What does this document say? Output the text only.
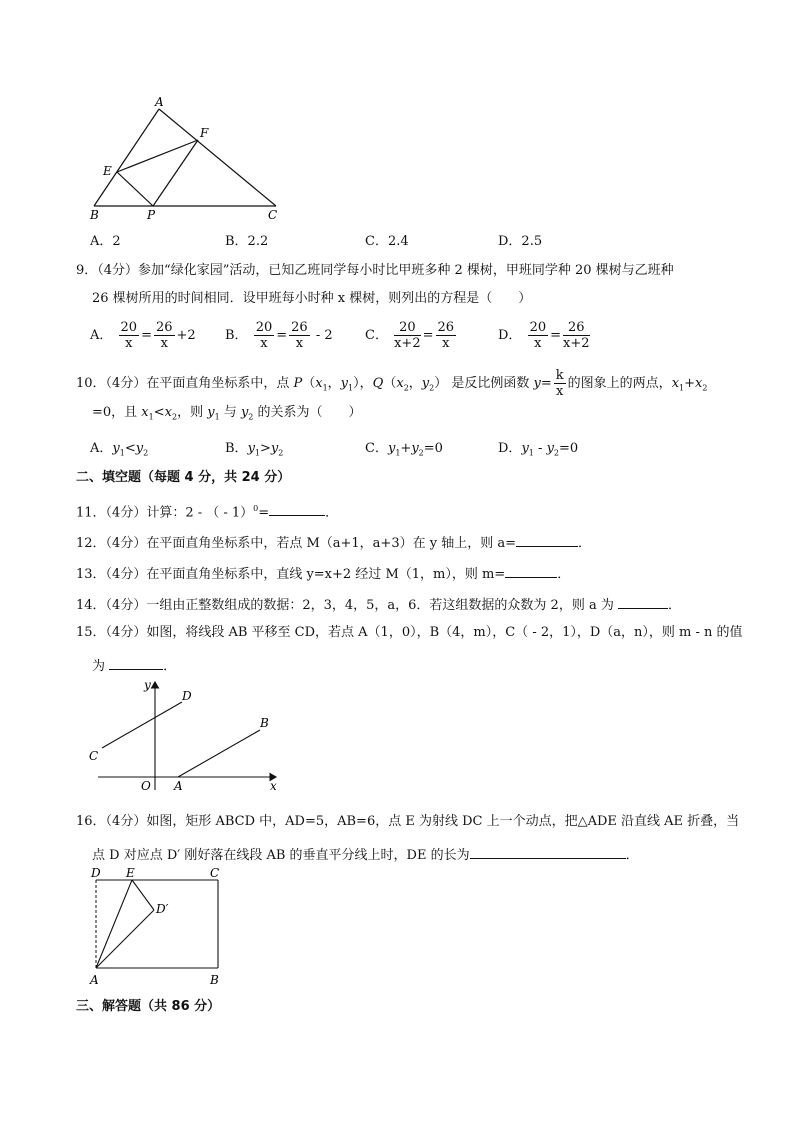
A
F
E
B	P	C
A．2	B．2.2	C．2.4	D．2.5
9．（4分）参加“绿化家园”活动，已知乙班同学每小时比甲班多种 2 棵树，甲班同学种 20 棵树与乙班种
26 棵树所用的时间相同．设甲班每小时种 x 棵树，则列出的方程是（　　）
A． $\frac{20}{x} = \frac{26}{x} +2$ B． $\frac{20}{x} = \frac{26}{x} - 2$ C． $\frac{20}{x+2} = \frac{26}{x}$	D． $\frac{20}{x} = \frac{26}{x+2}$
10．（4分）在平面直角坐标系中，点 $P(x_1$，$y_1$），$Q(x_2$，$y_2$） 是反比例函数 $y= \frac{k}{x}$ 的图象上的两点，$x_1+x_2$
=0，且 $x_1<x_2$，则 $y_1$ 与 $y_2$ 的关系为（　　）
A．$y_1<y_2$	B．$y_1>y_2$	C．$y_1+y_2=0$	D．$y_1 - y_2=0$
二、填空题（每题 4 分，共 24 分）
11．（4分）计算：2 - （ - 1）$^0$=	．
12．（4分）在平面直角坐标系中，若点 M（a+1，a+3）在 y 轴上，则 a=	．
13．（4分）在平面直角坐标系中，直线 y=x+2 经过 M（1，m），则 m=	．
14．（4分）一组由正整数组成的数据：2，3，4，5，a，6．若这组数据的众数为 2，则 a 为	．
15．（4分）如图，将线段 AB 平移至 CD，若点 A（1，0），B（4，m），C（ - 2，1），D（a，n），则 m - n 的值
为	．
y
D
B
C
O A	x
16．（4分）如图，矩形 ABCD 中，AD=5，AB=6，点 E 为射线 DC 上一个动点，把△ADE 沿直线 AE 折叠，当
点 D 对应点 D′ 刚好落在线段 AB 的垂直平分线上时，DE 的长为	．
D E	C
D′
A	B
三、解答题（共 86 分）
